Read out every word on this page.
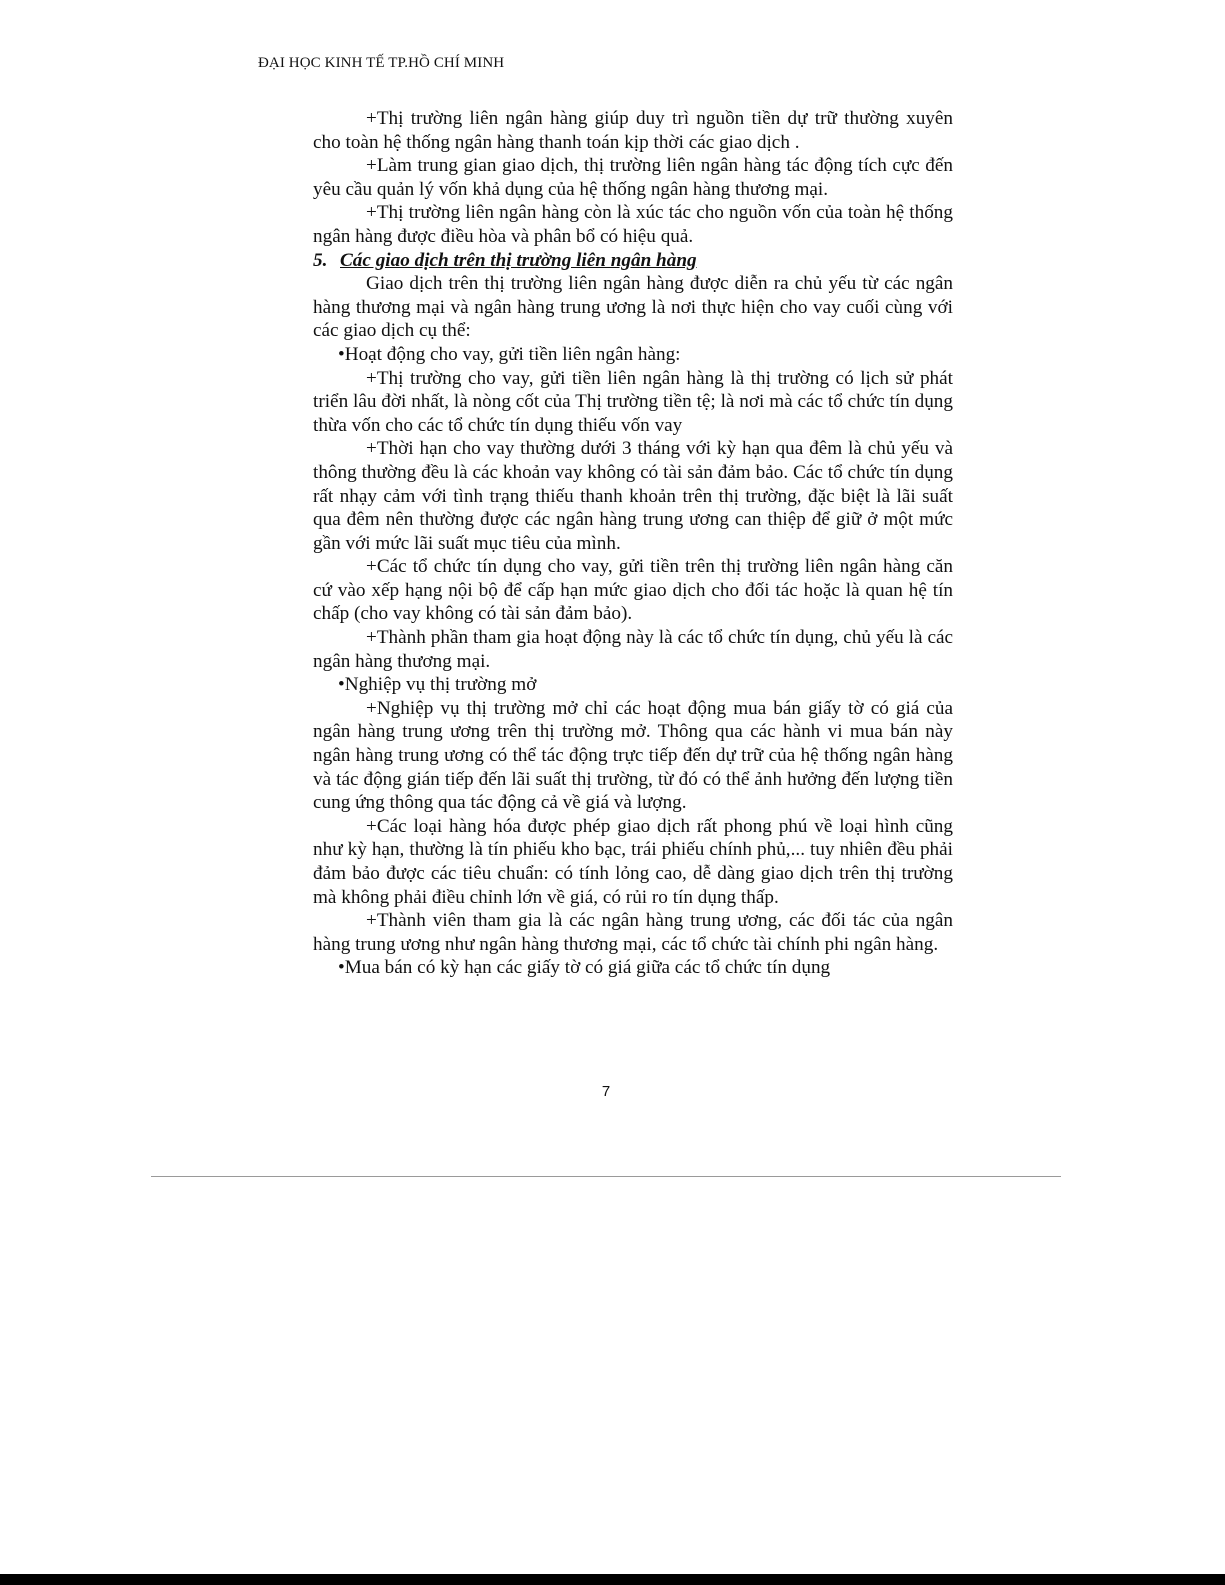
ĐẠI HỌC KINH TẾ TP.HỒ CHÍ MINH

+Thị trường liên ngân hàng giúp duy trì nguồn tiền dự trữ thường xuyên cho toàn hệ thống ngân hàng thanh toán kịp thời các giao dịch .

+Làm trung gian giao dịch, thị trường liên ngân hàng tác động tích cực đến yêu cầu quản lý vốn khả dụng của hệ thống ngân hàng thương mại.

+Thị trường liên ngân hàng còn là xúc tác cho nguồn vốn của toàn hệ thống ngân hàng được điều hòa và phân bổ có hiệu quả.

5. Các giao dịch trên thị trường liên ngân hàng

Giao dịch trên thị trường liên ngân hàng được diễn ra chủ yếu từ các ngân hàng thương mại và ngân hàng trung ương là nơi thực hiện cho vay cuối cùng với các giao dịch cụ thể:

•Hoạt động cho vay, gửi tiền liên ngân hàng:

+Thị trường cho vay, gửi tiền liên ngân hàng là thị trường có lịch sử phát triển lâu đời nhất, là nòng cốt của Thị trường tiền tệ; là nơi mà các tổ chức tín dụng thừa vốn cho các tổ chức tín dụng thiếu vốn vay

+Thời hạn cho vay thường dưới 3 tháng với kỳ hạn qua đêm là chủ yếu và thông thường đều là các khoản vay không có tài sản đảm bảo. Các tổ chức tín dụng rất nhạy cảm với tình trạng thiếu thanh khoản trên thị trường, đặc biệt là lãi suất qua đêm nên thường được các ngân hàng trung ương can thiệp để giữ ở một mức gần với mức lãi suất mục tiêu của mình.

+Các tổ chức tín dụng cho vay, gửi tiền trên thị trường liên ngân hàng căn cứ vào xếp hạng nội bộ để cấp hạn mức giao dịch cho đối tác hoặc là quan hệ tín chấp (cho vay không có tài sản đảm bảo).

+Thành phần tham gia hoạt động này là các tổ chức tín dụng, chủ yếu là các ngân hàng thương mại.

•Nghiệp vụ thị trường mở

+Nghiệp vụ thị trường mở chỉ các hoạt động mua bán giấy tờ có giá của ngân hàng trung ương trên thị trường mở. Thông qua các hành vi mua bán này ngân hàng trung ương có thể tác động trực tiếp đến dự trữ của hệ thống ngân hàng và tác động gián tiếp đến lãi suất thị trường, từ đó có thể ảnh hưởng đến lượng tiền cung ứng thông qua tác động cả về giá và lượng.

+Các loại hàng hóa được phép giao dịch rất phong phú về loại hình cũng như kỳ hạn, thường là tín phiếu kho bạc, trái phiếu chính phủ,... tuy nhiên đều phải đảm bảo được các tiêu chuẩn: có tính lỏng cao, dễ dàng giao dịch trên thị trường mà không phải điều chỉnh lớn về giá, có rủi ro tín dụng thấp.

+Thành viên tham gia là các ngân hàng trung ương, các đối tác của ngân hàng trung ương như ngân hàng thương mại, các tổ chức tài chính phi ngân hàng.

•Mua bán có kỳ hạn các giấy tờ có giá giữa các tổ chức tín dụng

7
